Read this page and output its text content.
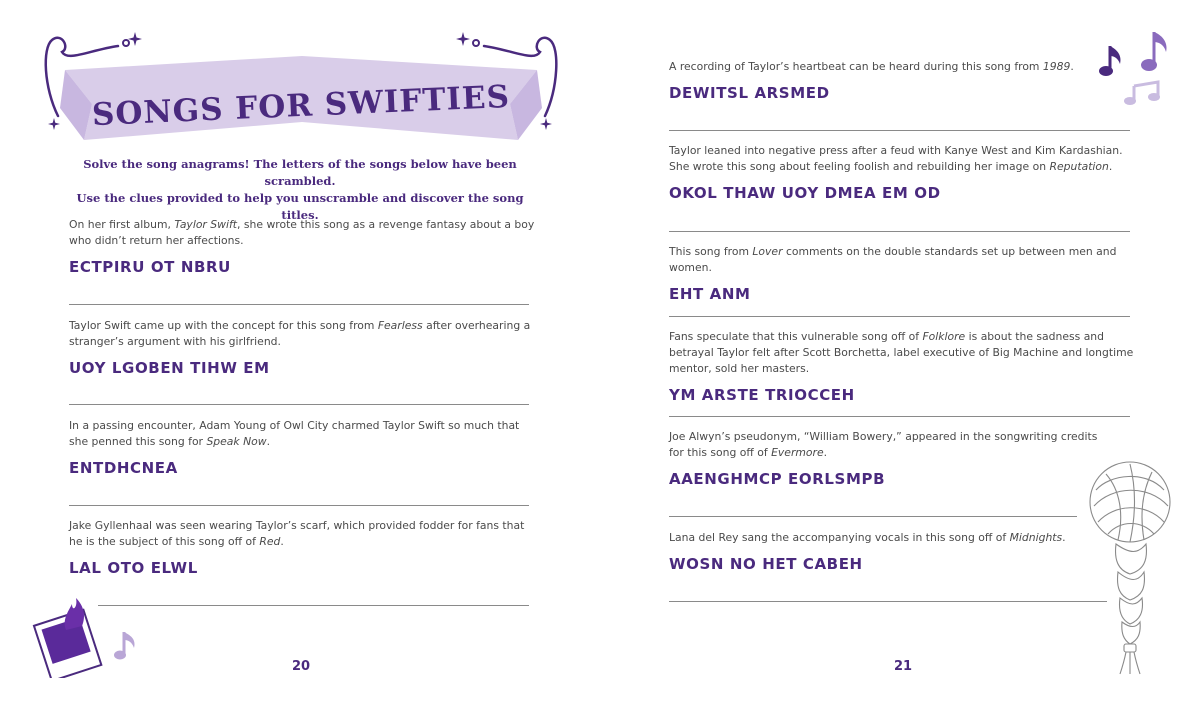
SONGS FOR SWIFTIES
Solve the song anagrams! The letters of the songs below have been scrambled.
Use the clues provided to help you unscramble and discover the song titles.
On her first album, Taylor Swift, she wrote this song as a revenge fantasy about a boy who didn’t return her affections.
ECTPIRU OT NBRU
Taylor Swift came up with the concept for this song from Fearless after overhearing a stranger’s argument with his girlfriend.
UOY LGOBEN TIHW EM
In a passing encounter, Adam Young of Owl City charmed Taylor Swift so much that she penned this song for Speak Now.
ENTDHCNEA
Jake Gyllenhaal was seen wearing Taylor’s scarf, which provided fodder for fans that he is the subject of this song off of Red.
LAL OTO ELWL
20
A recording of Taylor’s heartbeat can be heard during this song from 1989.
DEWITSL ARSMED
Taylor leaned into negative press after a feud with Kanye West and Kim Kardashian. She wrote this song about feeling foolish and rebuilding her image on Reputation.
OKOL THAW UOY DMEA EM OD
This song from Lover comments on the double standards set up between men and women.
EHT ANM
Fans speculate that this vulnerable song off of Folklore is about the sadness and betrayal Taylor felt after Scott Borchetta, label executive of Big Machine and longtime mentor, sold her masters.
YM ARSTE TRIOCCEH
Joe Alwyn’s pseudonym, “William Bowery,” appeared in the songwriting credits for this song off of Evermore.
AAENGHMCP EORLSMPB
Lana del Rey sang the accompanying vocals in this song off of Midnights.
WOSN NO HET CABEH
21
